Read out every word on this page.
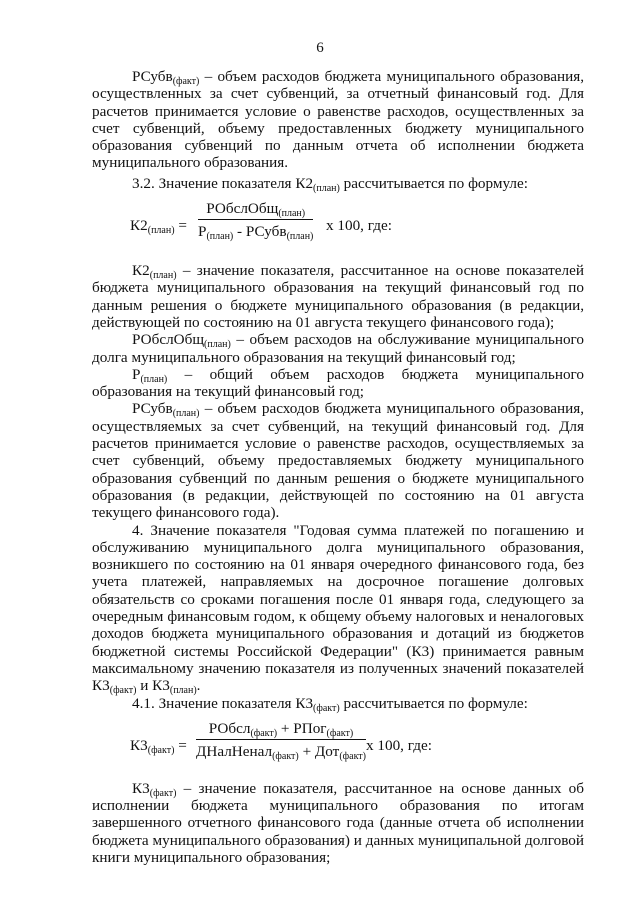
6

РСубв$_{(факт)}$ – объем расходов бюджета муниципального образования, осуществленных за счет субвенций, за отчетный финансовый год. Для расчетов принимается условие о равенстве расходов, осуществленных за счет субвенций, объему предоставленных бюджету муниципального образования субвенций по данным отчета об исполнении бюджета муниципального образования.

3.2. Значение показателя $К2_{(план)}$ рассчитывается по формуле:

$К2_{(план)}$ =
РОбслОбщ$_{(план)}$
$Р_{(план)}$ - РСубв$_{(план)}$
х 100, где:

$К2_{(план)}$ – значение показателя, рассчитанное на основе показателей бюджета муниципального образования на текущий финансовый год по данным решения о бюджете муниципального образования (в редакции, действующей по состоянию на 01 августа текущего финансового года);

РОбслОбщ$_{(план)}$ – объем расходов на обслуживание муниципального долга муниципального образования на текущий финансовый год;

$Р_{(план)}$ – общий объем расходов бюджета муниципального образования на текущий финансовый год;

РСубв$_{(план)}$ – объем расходов бюджета муниципального образования, осуществляемых за счет субвенций, на текущий финансовый год. Для расчетов принимается условие о равенстве расходов, осуществляемых за счет субвенций, объему предоставляемых бюджету муниципального образования субвенций по данным решения о бюджете муниципального образования (в редакции, действующей по состоянию на 01 августа текущего финансового года).

4. Значение показателя "Годовая сумма платежей по погашению и обслуживанию муниципального долга муниципального образования, возникшего по состоянию на 01 января очередного финансового года, без учета платежей, направляемых на досрочное погашение долговых обязательств со сроками погашения после 01 января года, следующего за очередным финансовым годом, к общему объему налоговых и неналоговых доходов бюджета муниципального образования и дотаций из бюджетов бюджетной системы Российской Федерации" (К3) принимается равным максимальному значению показателя из полученных значений показателей $К3_{(факт)}$ и $К3_{(план)}$.

4.1. Значение показателя $К3_{(факт)}$ рассчитывается по формуле:

$К3_{(факт)}$ =
РОбсл$_{(факт)}$ + РПог$_{(факт)}$
ДНалНенал$_{(факт)}$ + Дот$_{(факт)}$
х 100, где:

$К3_{(факт)}$ – значение показателя, рассчитанное на основе данных об исполнении бюджета муниципального образования по итогам завершенного отчетного финансового года (данные отчета об исполнении бюджета муниципального образования) и данных муниципальной долговой книги муниципального образования;
